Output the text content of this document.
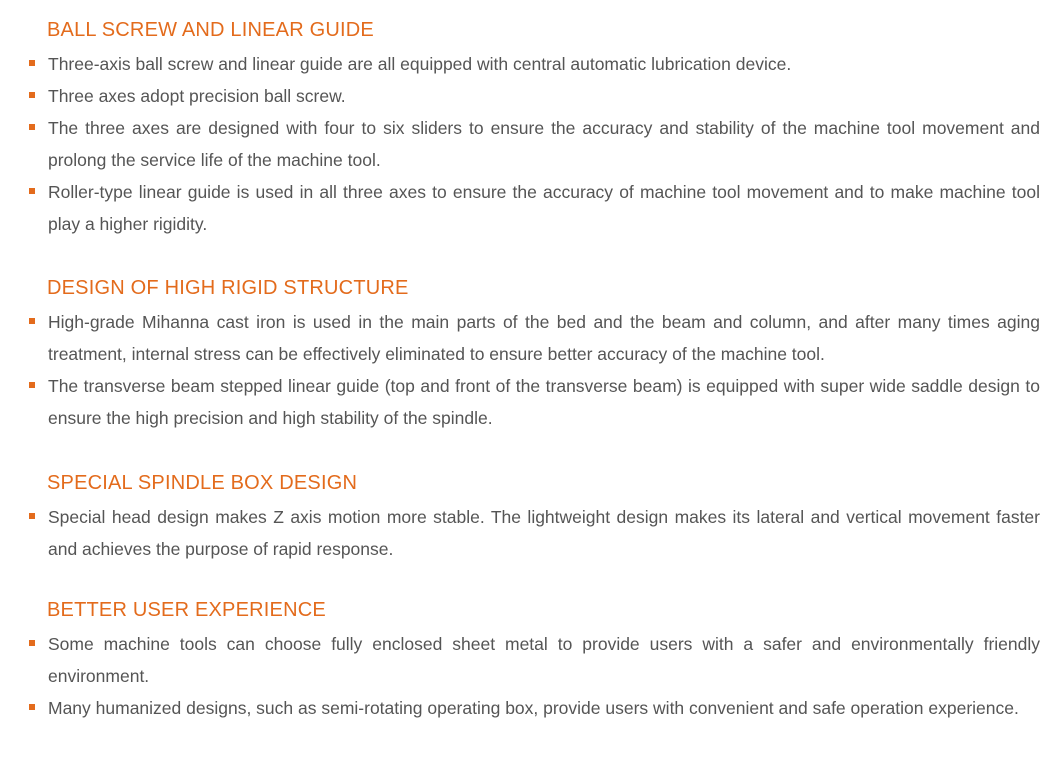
BALL SCREW AND LINEAR GUIDE
Three-axis ball screw and linear guide are all equipped with central automatic lubrication device.
Three axes adopt precision ball screw.
The three axes are designed with four to six sliders to ensure the accuracy and stability of the machine tool movement and prolong the service life of the machine tool.
Roller-type linear guide is used in all three axes to ensure the accuracy of machine tool movement and to make machine tool play a higher rigidity.
DESIGN OF HIGH RIGID STRUCTURE
High-grade Mihanna cast iron is used in the main parts of the bed and the beam and column, and after many times aging treatment, internal stress can be effectively eliminated to ensure better accuracy of the machine tool.
The transverse beam stepped linear guide (top and front of the transverse beam) is equipped with super wide saddle design to ensure the high precision and high stability of the spindle.
SPECIAL SPINDLE BOX DESIGN
Special head design makes Z axis motion more stable. The lightweight design makes its lateral and vertical movement faster and achieves the purpose of rapid response.
BETTER USER EXPERIENCE
Some machine tools can choose fully enclosed sheet metal to provide users with a safer and environmentally friendly environment.
Many humanized designs, such as semi-rotating operating box, provide users with convenient and safe operation experience.
